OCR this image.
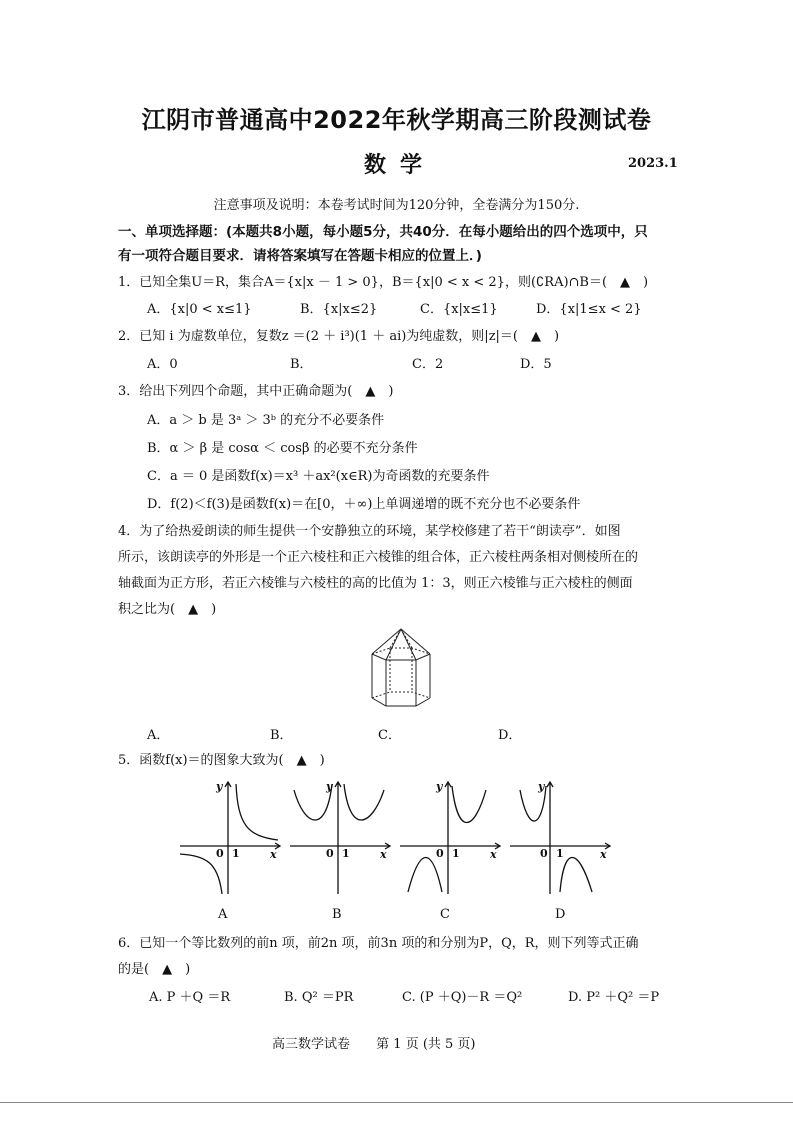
江阴市普通高中2022年秋学期高三阶段测试卷
数学	2023.1
注意事项及说明：本卷考试时间为120分钟，全卷满分为150分.
一、单项选择题：(本题共8小题，每小题5分，共40分．在每小题给出的四个选项中，只
有一项符合题目要求．请将答案填写在答题卡相应的位置上．)
1．已知全集U＝R，集合A＝{x|x － 1 > 0}，B＝{x|0 < x < 2}，则(∁RA)∩B＝(　▲　)
A．{x|0 < x≤1}	B．{x|x≤2}	C．{x|x≤1}	D．{x|1≤x < 2}
2．已知 i 为虚数单位，复数z ＝(2 ＋ i³)(1 ＋ ai)为纯虚数，则|z|＝(　▲　)
A．0	B．	C．2	D．5
3．给出下列四个命题，其中正确命题为(　▲　)
A．a ＞ b 是 3ᵃ ＞ 3ᵇ 的充分不必要条件
B．α ＞ β 是 cosα ＜ cosβ 的必要不充分条件
C．a ＝ 0 是函数f(x)＝x³ ＋ax²(x∈R)为奇函数的充要条件
D．f(2)＜f(3)是函数f(x)＝在[0，＋∞)上单调递增的既不充分也不必要条件
4．为了给热爱朗读的师生提供一个安静独立的环境，某学校修建了若干“朗读亭”．如图
所示，该朗读亭的外形是一个正六棱柱和正六棱锥的组合体，正六棱柱两条相对侧棱所在的
轴截面为正方形，若正六棱锥与六棱柱的高的比值为 1：3，则正六棱锥与正六棱柱的侧面
积之比为(　▲　)
A．	B．	C．	D．
5．函数f(x)＝的图象大致为(　▲　)
y
x
0 1
A
y
x
0 1
B
y
x
0 1
C
y
x
0 1
D
6．已知一个等比数列的前n 项，前2n 项，前3n 项的和分别为P，Q，R，则下列等式正确
的是(　▲　)
A. P ＋Q ＝R	B. Q² ＝PR	C. (P ＋Q)－R ＝Q²	D. P² ＋Q² ＝P
高三数学试卷 第 1 页 (共 5 页)
